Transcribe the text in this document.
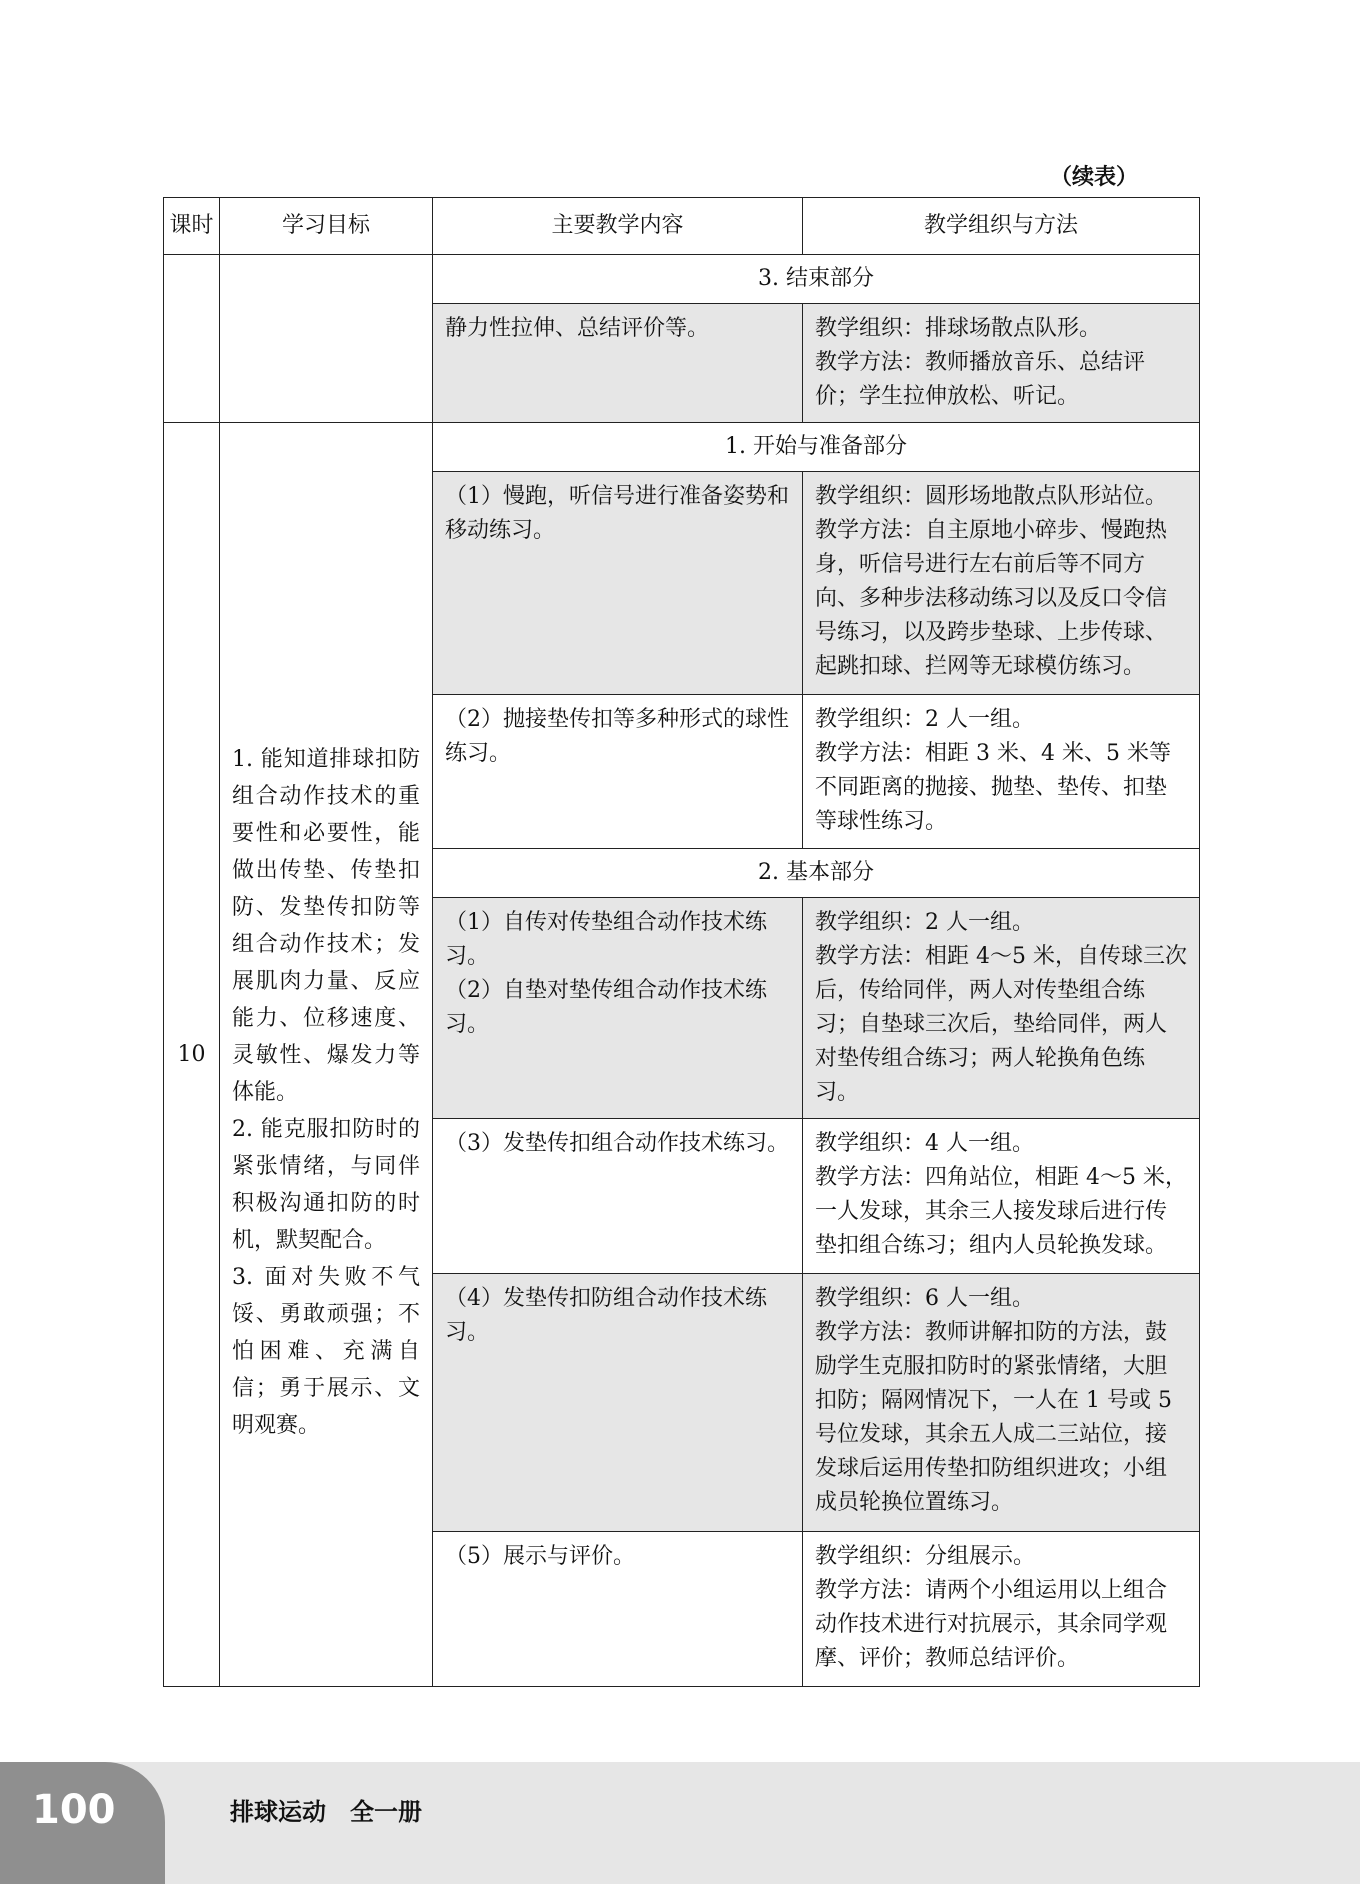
（续表）
课时	学习目标	主要教学内容	教学组织与方法
		3. 结束部分	
		静力性拉伸、总结评价等。	教学组织：排球场散点队形。
教学方法：教师播放音乐、总结评价；学生拉伸放松、听记。

10	1. 能知道排球扣防组合动作技术的重要性和必要性，能做出传垫、传垫扣防、发垫传扣防等组合动作技术；发展肌肉力量、反应能力、位移速度、灵敏性、爆发力等体能。
2. 能克服扣防时的紧张情绪，与同伴积极沟通扣防的时机，默契配合。
3. 面对失败不气馁、勇敢顽强；不怕困难、充满自信；勇于展示、文明观赛。	1. 开始与准备部分	

		（1）慢跑，听信号进行准备姿势和移动练习。	教学组织：圆形场地散点队形站位。
教学方法：自主原地小碎步、慢跑热身，听信号进行左右前后等不同方向、多种步法移动练习以及反口令信号练习，以及跨步垫球、上步传球、起跳扣球、拦网等无球模仿练习。

		（2）抛接垫传扣等多种形式的球性练习。	教学组织：2 人一组。
教学方法：相距 3 米、4 米、5 米等不同距离的抛接、抛垫、垫传、扣垫等球性练习。

		2. 基本部分	

		（1）自传对传垫组合动作技术练习。
（2）自垫对垫传组合动作技术练习。	教学组织：2 人一组。
教学方法：相距 4～5 米，自传球三次后，传给同伴，两人对传垫组合练习；自垫球三次后，垫给同伴，两人对垫传组合练习；两人轮换角色练习。

		（3）发垫传扣组合动作技术练习。	教学组织：4 人一组。
教学方法：四角站位，相距 4～5 米，一人发球，其余三人接发球后进行传垫扣组合练习；组内人员轮换发球。

		（4）发垫传扣防组合动作技术练习。	教学组织：6 人一组。
教学方法：教师讲解扣防的方法，鼓励学生克服扣防时的紧张情绪，大胆扣防；隔网情况下，一人在 1 号或 5 号位发球，其余五人成二三站位，接发球后运用传垫扣防组织进攻；小组成员轮换位置练习。

		（5）展示与评价。	教学组织：分组展示。
教学方法：请两个小组运用以上组合动作技术进行对抗展示，其余同学观摩、评价；教师总结评价。
100	排球运动　全一册
